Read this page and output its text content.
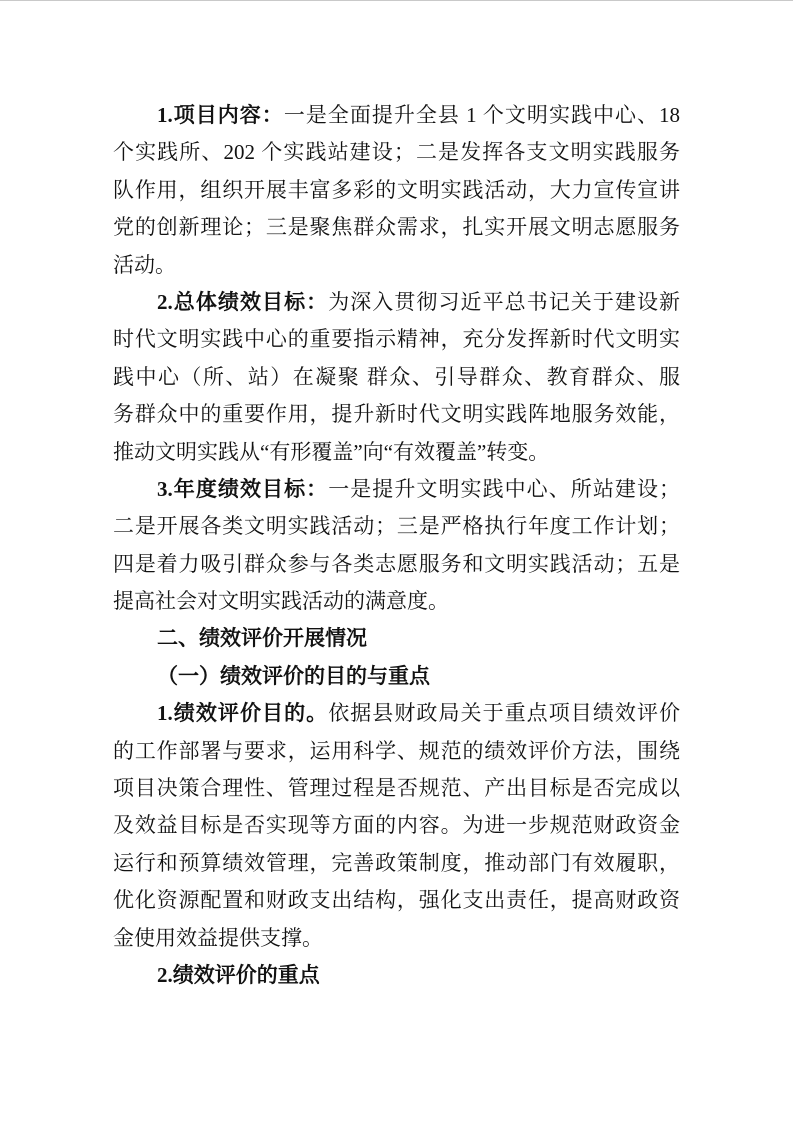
1.项目内容：一是全面提升全县 1 个文明实践中心、18
个实践所、202 个实践站建设；二是发挥各支文明实践服务
队作用，组织开展丰富多彩的文明实践活动，大力宣传宣讲
党的创新理论；三是聚焦群众需求，扎实开展文明志愿服务
活动。
2.总体绩效目标：为深入贯彻习近平总书记关于建设新
时代文明实践中心的重要指示精神，充分发挥新时代文明实
践中心（所、站）在凝聚 群众、引导群众、教育群众、服
务群众中的重要作用，提升新时代文明实践阵地服务效能，
推动文明实践从“有形覆盖”向“有效覆盖”转变。
3.年度绩效目标：一是提升文明实践中心、所站建设；
二是开展各类文明实践活动；三是严格执行年度工作计划；
四是着力吸引群众参与各类志愿服务和文明实践活动；五是
提高社会对文明实践活动的满意度。
二、绩效评价开展情况
（一）绩效评价的目的与重点
1.绩效评价目的。依据县财政局关于重点项目绩效评价
的工作部署与要求，运用科学、规范的绩效评价方法，围绕
项目决策合理性、管理过程是否规范、产出目标是否完成以
及效益目标是否实现等方面的内容。为进一步规范财政资金
运行和预算绩效管理，完善政策制度，推动部门有效履职，
优化资源配置和财政支出结构，强化支出责任，提高财政资
金使用效益提供支撑。
2.绩效评价的重点
